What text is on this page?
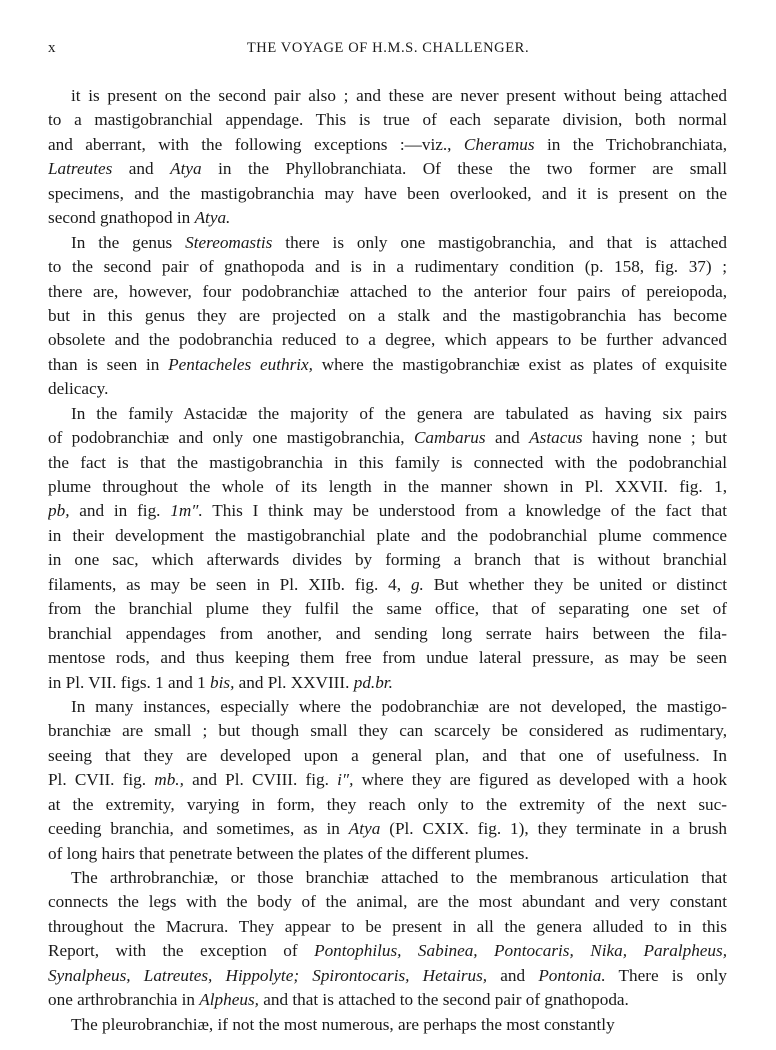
x	THE VOYAGE OF H.M.S. CHALLENGER.
it is present on the second pair also ; and these are never present without being attached
to a mastigobranchial appendage. This is true of each separate division, both normal
and aberrant, with the following exceptions :—viz., Cheramus in the Trichobranchiata,
Latreutes and Atya in the Phyllobranchiata. Of these the two former are small
specimens, and the mastigobranchia may have been overlooked, and it is present on the
second gnathopod in Atya.
In the genus Stereomastis there is only one mastigobranchia, and that is attached
to the second pair of gnathopoda and is in a rudimentary condition (p. 158, fig. 37) ;
there are, however, four podobranchiæ attached to the anterior four pairs of pereiopoda,
but in this genus they are projected on a stalk and the mastigobranchia has become
obsolete and the podobranchia reduced to a degree, which appears to be further advanced
than is seen in Pentacheles euthrix, where the mastigobranchiæ exist as plates of exquisite
delicacy.
In the family Astacidæ the majority of the genera are tabulated as having six pairs
of podobranchiæ and only one mastigobranchia, Cambarus and Astacus having none ; but
the fact is that the mastigobranchia in this family is connected with the podobranchial
plume throughout the whole of its length in the manner shown in Pl. XXVII. fig. 1,
pb, and in fig. 1m″. This I think may be understood from a knowledge of the fact that
in their development the mastigobranchial plate and the podobranchial plume commence
in one sac, which afterwards divides by forming a branch that is without branchial
filaments, as may be seen in Pl. XIIb. fig. 4, g. But whether they be united or distinct
from the branchial plume they fulfil the same office, that of separating one set of
branchial appendages from another, and sending long serrate hairs between the fila-
mentose rods, and thus keeping them free from undue lateral pressure, as may be seen
in Pl. VII. figs. 1 and 1 bis, and Pl. XXVIII. pd.br.
In many instances, especially where the podobranchiæ are not developed, the mastigo-
branchiæ are small ; but though small they can scarcely be considered as rudimentary,
seeing that they are developed upon a general plan, and that one of usefulness. In
Pl. CVII. fig. mb., and Pl. CVIII. fig. i″, where they are figured as developed with a hook
at the extremity, varying in form, they reach only to the extremity of the next suc-
ceeding branchia, and sometimes, as in Atya (Pl. CXIX. fig. 1), they terminate in a brush
of long hairs that penetrate between the plates of the different plumes.
The arthrobranchiæ, or those branchiæ attached to the membranous articulation that
connects the legs with the body of the animal, are the most abundant and very constant
throughout the Macrura. They appear to be present in all the genera alluded to in this
Report, with the exception of Pontophilus, Sabinea, Pontocaris, Nika, Paralpheus,
Synalpheus, Latreutes, Hippolyte; Spirontocaris, Hetairus, and Pontonia. There is only
one arthrobranchia in Alpheus, and that is attached to the second pair of gnathopoda.
The pleurobranchiæ, if not the most numerous, are perhaps the most constantly
